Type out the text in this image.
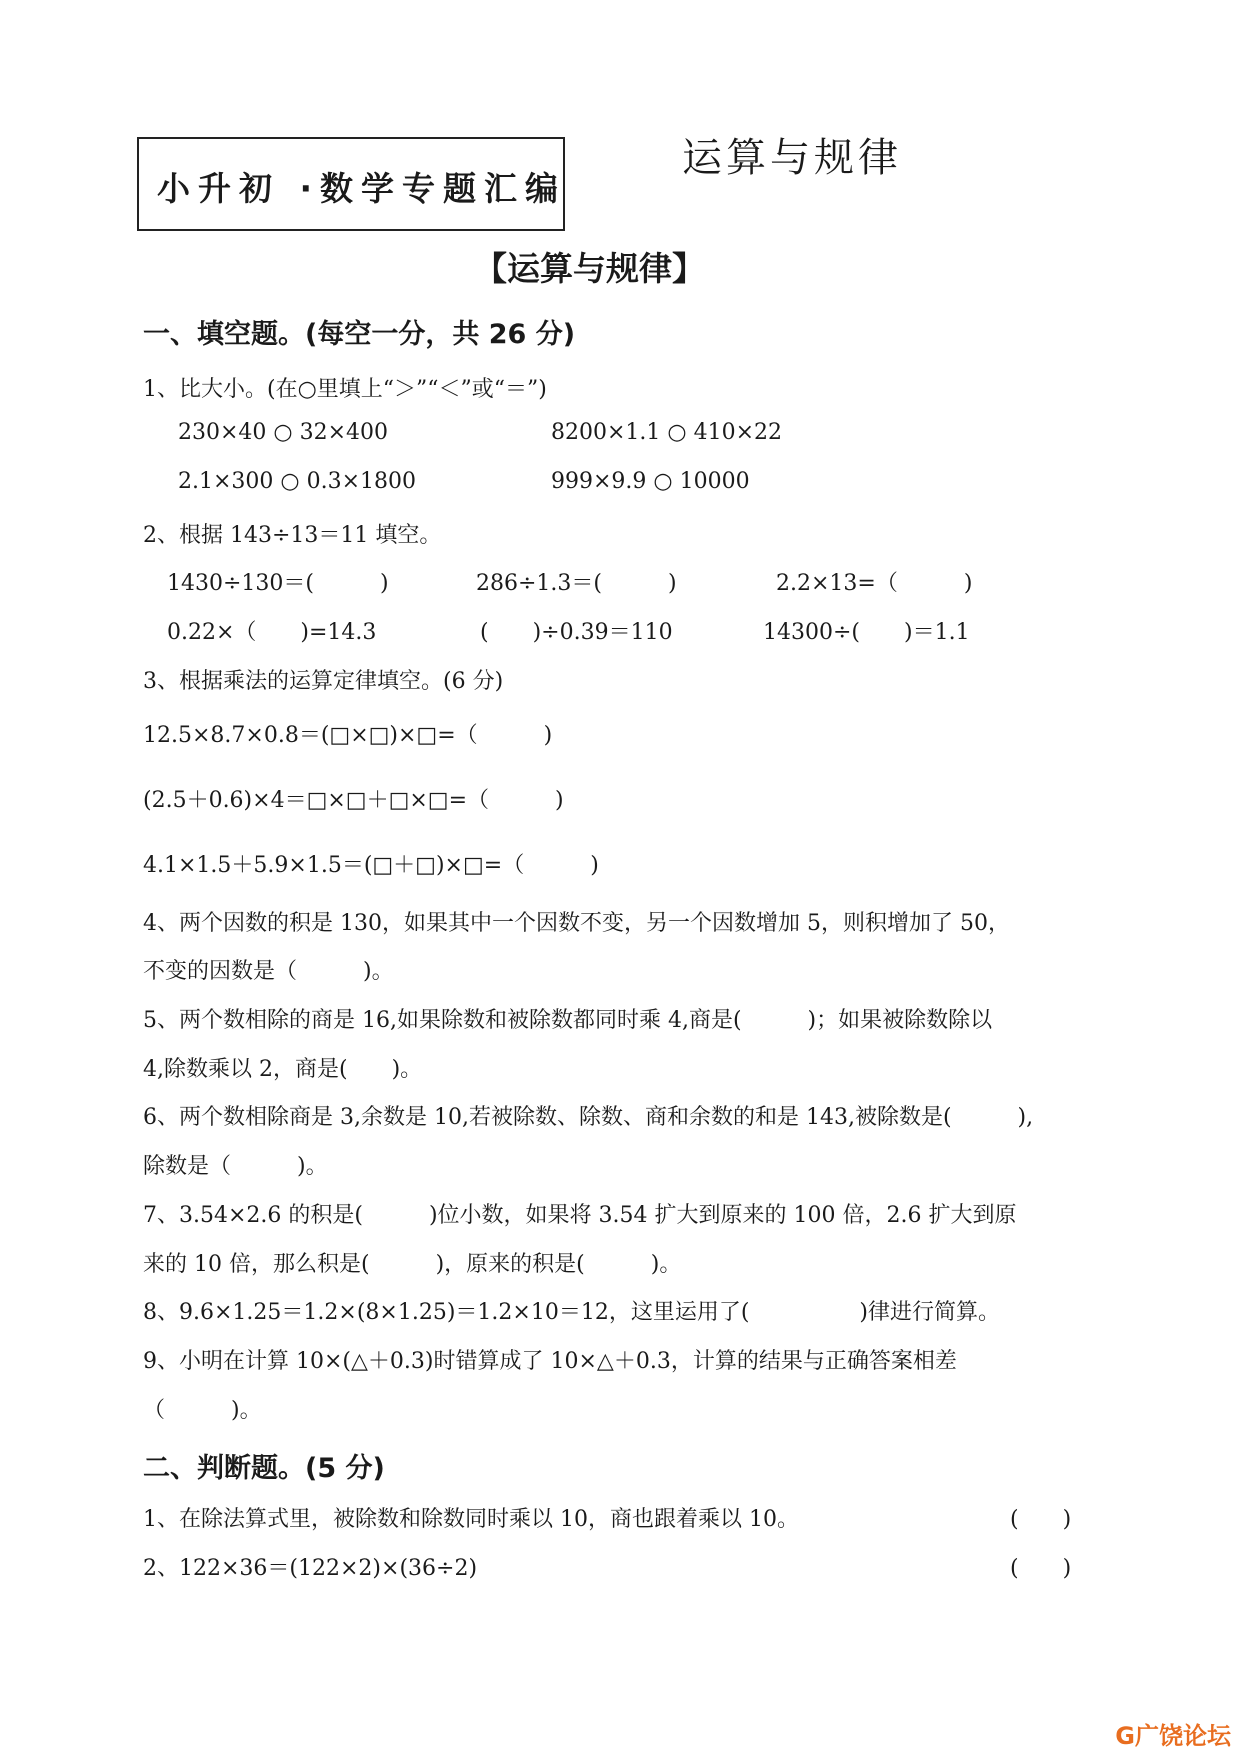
小升初 ·数学专题汇编
运算与规律
【运算与规律】
一、填空题。(每空一分，共 26 分)
1、比大小。(在○里填上“＞”“＜”或“＝”)
230×40 ○ 32×400	8200×1.1 ○ 410×22
2.1×300 ○ 0.3×1800	999×9.9 ○ 10000
2、根据 143÷13＝11 填空。
1430÷130＝(　　　)	286÷1.3＝(　　　)	2.2×13=（　　　)
0.22×（　　)=14.3	(　　)÷0.39＝110	14300÷(　　)＝1.1
3、根据乘法的运算定律填空。(6 分)
12.5×8.7×0.8＝(□×□)×□=（　　　)
(2.5＋0.6)×4＝□×□＋□×□=（　　　)
4.1×1.5＋5.9×1.5＝(□＋□)×□=（　　　)
4、两个因数的积是 130，如果其中一个因数不变，另一个因数增加 5，则积增加了 50，
不变的因数是（　　　)。
5、两个数相除的商是 16,如果除数和被除数都同时乘 4,商是(　　　)；如果被除数除以
4,除数乘以 2，商是(　　)。
6、两个数相除商是 3,余数是 10,若被除数、除数、商和余数的和是 143,被除数是(　　　),
除数是（　　　)。
7、3.54×2.6 的积是(　　　)位小数，如果将 3.54 扩大到原来的 100 倍，2.6 扩大到原
来的 10 倍，那么积是(　　　)，原来的积是(　　　)。
8、9.6×1.25＝1.2×(8×1.25)＝1.2×10＝12，这里运用了(　　　　　)律进行简算。
9、小明在计算 10×(△＋0.3)时错算成了 10×△＋0.3，计算的结果与正确答案相差
（　　　)。
二、判断题。(5 分)
1、在除法算式里，被除数和除数同时乘以 10，商也跟着乘以 10。	(　　)
2、122×36＝(122×2)×(36÷2)	(　　)
G广饶论坛
